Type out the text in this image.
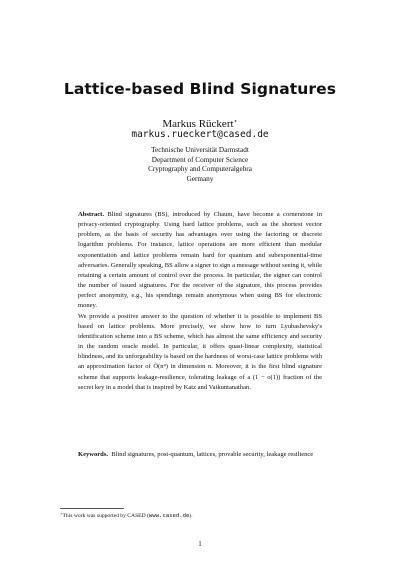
Lattice-based Blind Signatures
Markus Rückert⋆
markus.rueckert@cased.de
Technische Universität Darmstadt
Department of Computer Science
Cryptography and Computeralgebra
Germany

Abstract. Blind signatures (BS), introduced by Chaum, have become a cornerstone in privacy-oriented cryptography. Using hard lattice problems, such as the shortest vector problem, as the basis of security has advantages over using the factoring or discrete logarithm problems. For instance, lattice operations are more efficient than modular exponentiation and lattice problems remain hard for quantum and subexponential-time adversaries. Generally speaking, BS allow a signer to sign a message without seeing it, while retaining a certain amount of control over the process. In particular, the signer can control the number of issued signatures. For the receiver of the signature, this process provides perfect anonymity, e.g., his spendings remain anonymous when using BS for electronic money.

We provide a positive answer to the question of whether it is possible to implement BS based on lattice problems. More precisely, we show how to turn Lyubashevsky's identification scheme into a BS scheme, which has almost the same efficiency and security in the random oracle model. In particular, it offers quasi-linear complexity, statistical blindness, and its unforgeability is based on the hardness of worst-case lattice problems with an approximation factor of Õ(n⁴) in dimension n. Moreover, it is the first blind signature scheme that supports leakage-resilience, tolerating leakage of a (1 − o(1)) fraction of the secret key in a model that is inspired by Katz and Vaikuntanathan.

Keywords. Blind signatures, post-quantum, lattices, provable security, leakage resilience
⋆This work was supported by CASED (www.cased.de).
1
